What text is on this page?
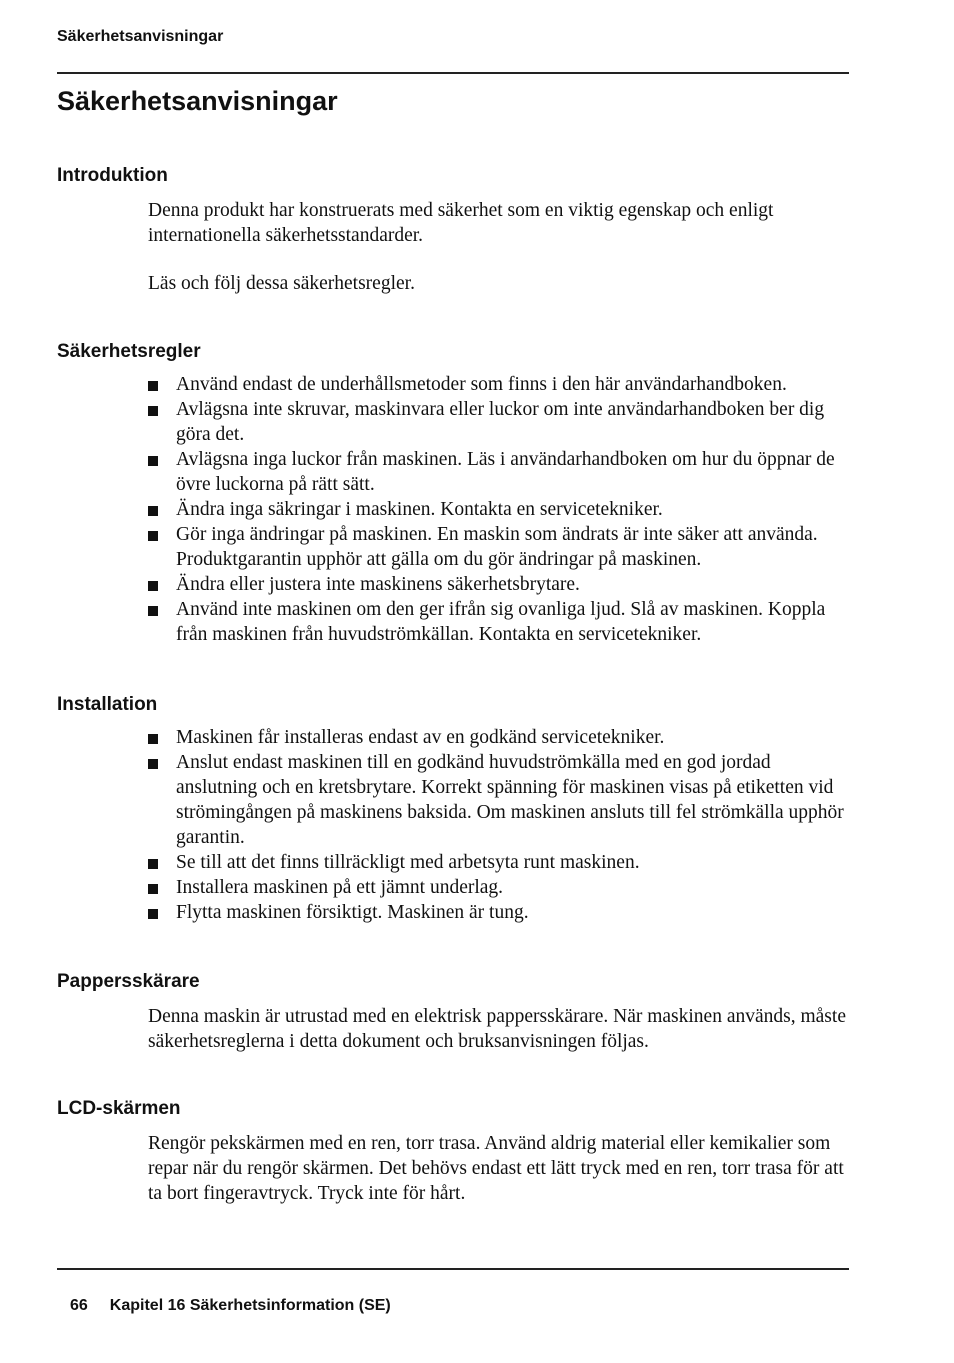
Säkerhetsanvisningar
Säkerhetsanvisningar
Introduktion

Denna produkt har konstruerats med säkerhet som en viktig egenskap och enligt internationella säkerhetsstandarder.

Läs och följ dessa säkerhetsregler.

Säkerhetsregler
Använd endast de underhållsmetoder som finns i den här användarhandboken.
Avlägsna inte skruvar, maskinvara eller luckor om inte användarhandboken ber dig göra det.
Avlägsna inga luckor från maskinen. Läs i användarhandboken om hur du öppnar de övre luckorna på rätt sätt.
Ändra inga säkringar i maskinen. Kontakta en servicetekniker.
Gör inga ändringar på maskinen. En maskin som ändrats är inte säker att använda. Produktgarantin upphör att gälla om du gör ändringar på maskinen.
Ändra eller justera inte maskinens säkerhetsbrytare.
Använd inte maskinen om den ger ifrån sig ovanliga ljud. Slå av maskinen. Koppla från maskinen från huvudströmkällan. Kontakta en servicetekniker.
Installation
Maskinen får installeras endast av en godkänd servicetekniker.
Anslut endast maskinen till en godkänd huvudströmkälla med en god jordad anslutning och en kretsbrytare. Korrekt spänning för maskinen visas på etiketten vid strömingången på maskinens baksida. Om maskinen ansluts till fel strömkälla upphör garantin.
Se till att det finns tillräckligt med arbetsyta runt maskinen.
Installera maskinen på ett jämnt underlag.
Flytta maskinen försiktigt. Maskinen är tung.
Pappersskärare

Denna maskin är utrustad med en elektrisk pappersskärare. När maskinen används, måste säkerhetsreglerna i detta dokument och bruksanvisningen följas.

LCD-skärmen

Rengör pekskärmen med en ren, torr trasa. Använd aldrig material eller kemikalier som repar när du rengör skärmen. Det behövs endast ett lätt tryck med en ren, torr trasa för att ta bort fingeravtryck. Tryck inte för hårt.

66 Kapitel 16 Säkerhetsinformation (SE)
